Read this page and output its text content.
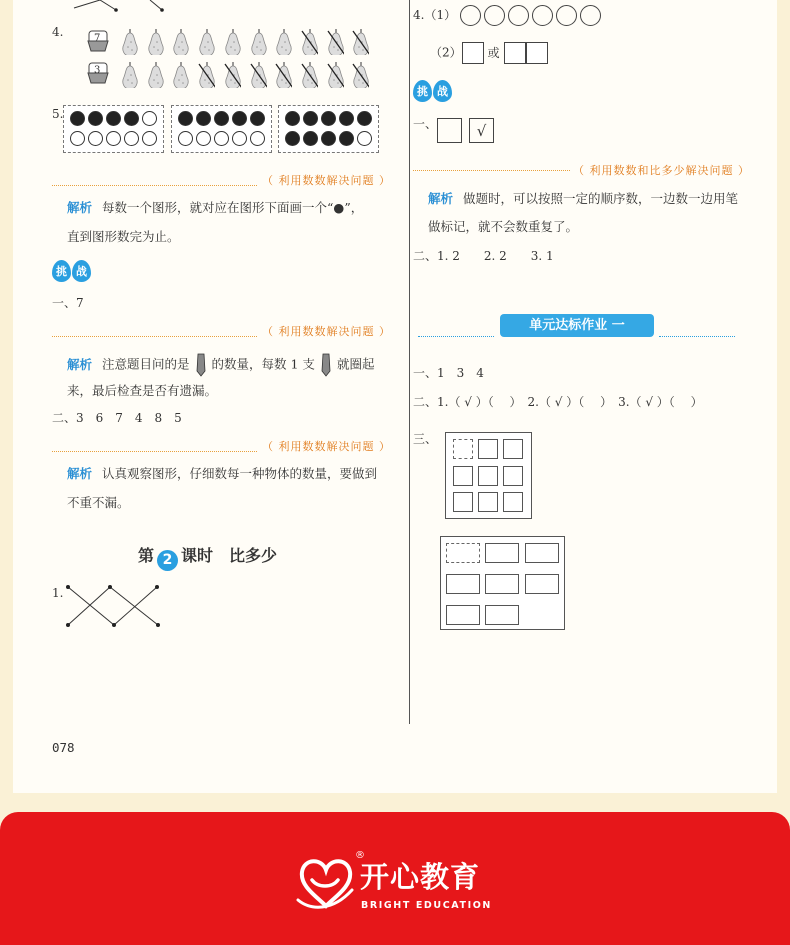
4.	7
3
5.
（ 利用数数解决问题 ）
解析 每数一个图形，就对应在图形下面画一个“●”，
直到图形数完为止。
挑 战
一、7
（ 利用数数解决问题 ）
解析 注意题目问的是 的数量，每数 1 支 就圈起
来，最后检查是否有遗漏。
二、3　6　7　4　8　5
（ 利用数数解决问题 ）
解析 认真观察图形，仔细数每一种物体的数量，要做到
不重不漏。
第 2 课时　比多少
1.
078
4.（1）
（2） 或
挑 战
一、	√
（ 利用数数和比多少解决问题 ）
解析 做题时，可以按照一定的顺序数，一边数一边用笔
做标记，就不会数重复了。
二、1. 2　　2. 2　　3. 1
单元达标作业 一
一、1　3　4
二、1.（ √ ）（　 ）　2.（ √ ）（　 ）　3.（ √ ）（　 ）
三、
®
开心教育
BRIGHT EDUCATION
